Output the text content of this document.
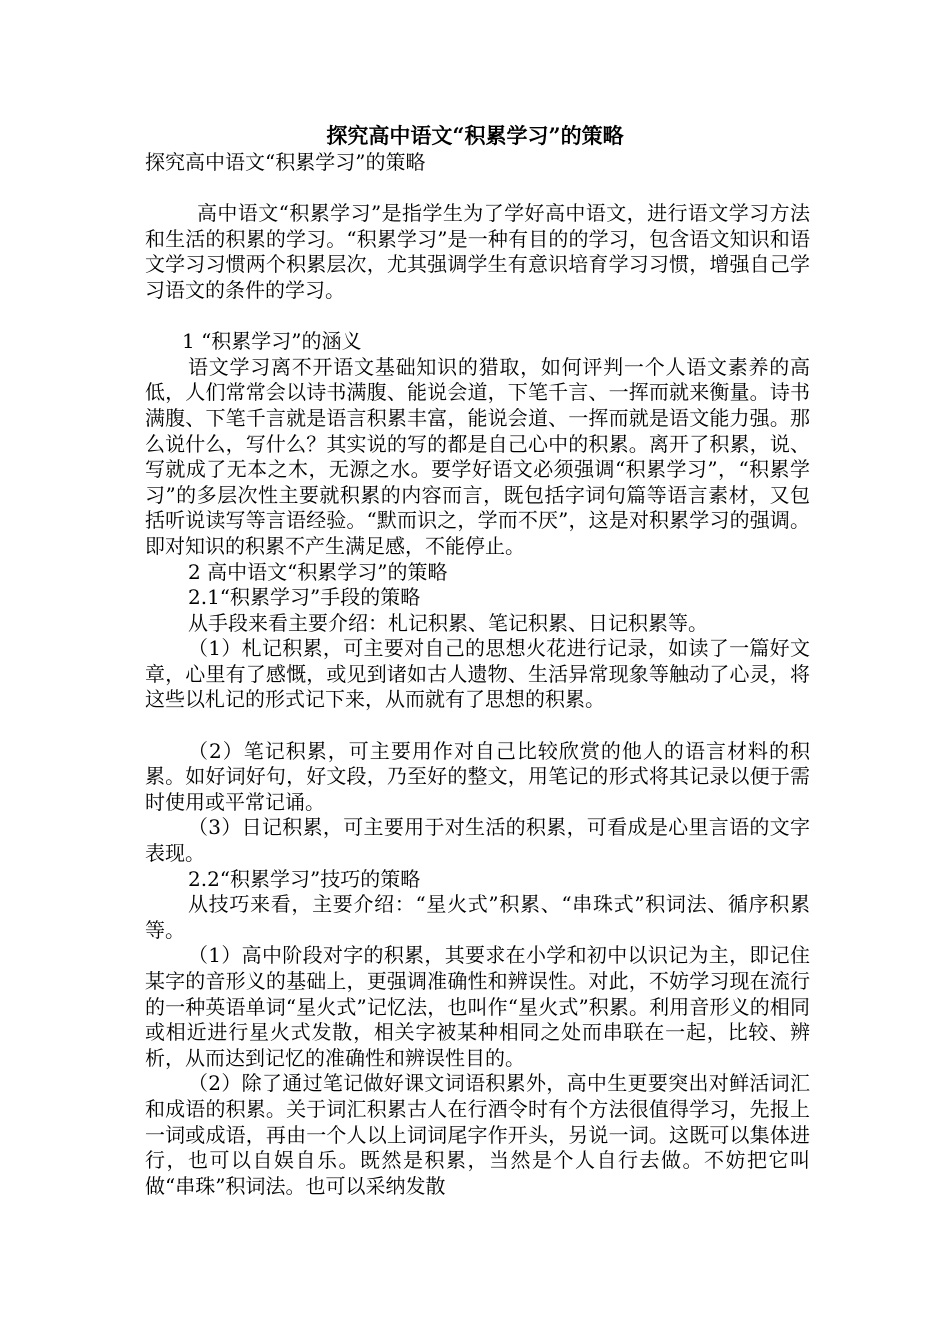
探究高中语文“积累学习”的策略

探究高中语文“积累学习”的策略

高中语文“积累学习”是指学生为了学好高中语文，进行语文学习方法和生活的积累的学习。“积累学习”是一种有目的的学习，包含语文知识和语文学习习惯两个积累层次，尤其强调学生有意识培育学习习惯，增强自己学习语文的条件的学习。

1 “积累学习”的涵义

语文学习离不开语文基础知识的猎取，如何评判一个人语文素养的高低，人们常常会以诗书满腹、能说会道，下笔千言、一挥而就来衡量。诗书满腹、下笔千言就是语言积累丰富，能说会道、一挥而就是语文能力强。那么说什么，写什么？其实说的写的都是自己心中的积累。离开了积累，说、写就成了无本之木，无源之水。要学好语文必须强调“积累学习”，“积累学习”的多层次性主要就积累的内容而言，既包括字词句篇等语言素材，又包括听说读写等言语经验。“默而识之，学而不厌”，这是对积累学习的强调。即对知识的积累不产生满足感，不能停止。

2 高中语文“积累学习”的策略

2.1“积累学习”手段的策略

从手段来看主要介绍：札记积累、笔记积累、日记积累等。

（1）札记积累，可主要对自己的思想火花进行记录，如读了一篇好文章，心里有了感慨，或见到诸如古人遗物、生活异常现象等触动了心灵，将这些以札记的形式记下来，从而就有了思想的积累。

（2）笔记积累，可主要用作对自己比较欣赏的他人的语言材料的积累。如好词好句，好文段，乃至好的整文，用笔记的形式将其记录以便于需时使用或平常记诵。

（3）日记积累，可主要用于对生活的积累，可看成是心里言语的文字表现。

2.2“积累学习”技巧的策略

从技巧来看，主要介绍：“星火式”积累、“串珠式”积词法、循序积累等。

（1）高中阶段对字的积累，其要求在小学和初中以识记为主，即记住某字的音形义的基础上，更强调准确性和辨误性。对此，不妨学习现在流行的一种英语单词“星火式”记忆法，也叫作“星火式”积累。利用音形义的相同或相近进行星火式发散，相关字被某种相同之处而串联在一起，比较、辨析，从而达到记忆的准确性和辨误性目的。

（2）除了通过笔记做好课文词语积累外，高中生更要突出对鲜活词汇和成语的积累。关于词汇积累古人在行酒令时有个方法很值得学习，先报上一词或成语，再由一个人以上词词尾字作开头，另说一词。这既可以集体进行，也可以自娱自乐。既然是积累，当然是个人自行去做。不妨把它叫做“串珠”积词法。也可以采纳发散
